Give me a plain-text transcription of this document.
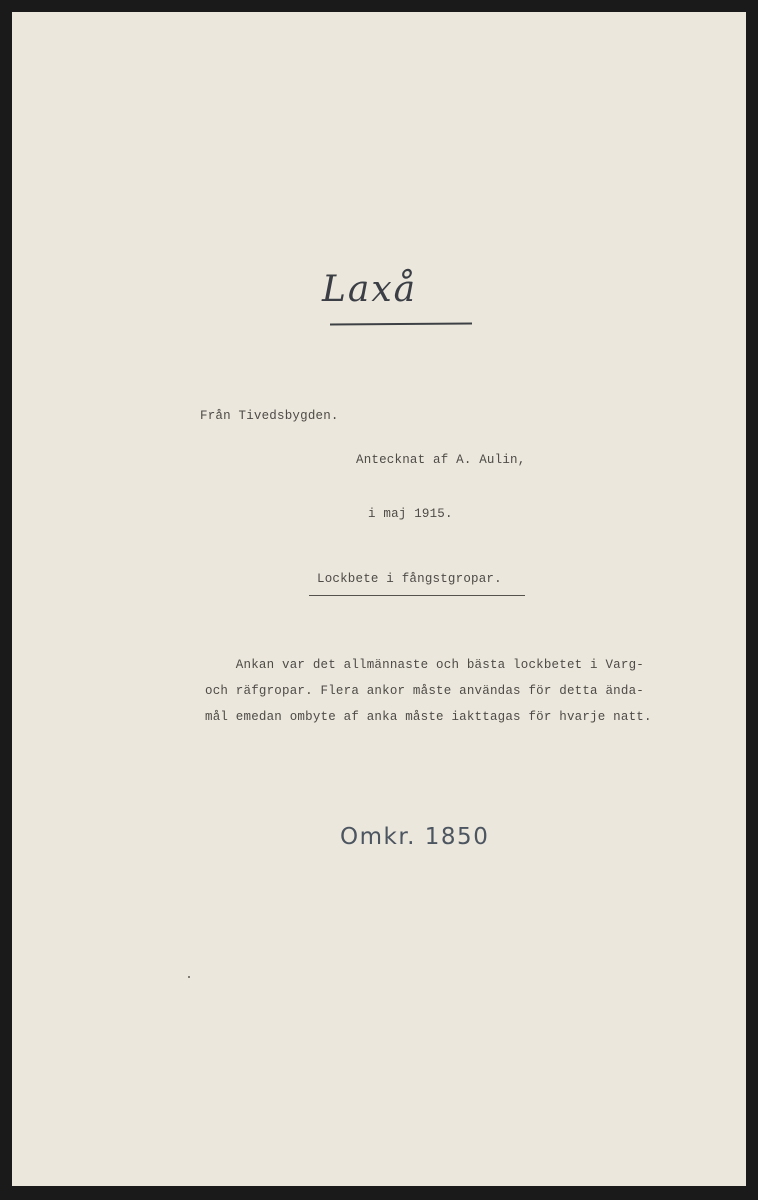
Laxå

Från Tivedsbygden.

Antecknat af A. Aulin,

i maj 1915.

Lockbete i fångstgropar.

Ankan var det allmännaste och bästa lockbetet i Varg-

och räfgropar. Flera ankor måste användas för detta ända-

mål emedan ombyte af anka måste iakttagas för hvarje natt.

Omkr. 1850
